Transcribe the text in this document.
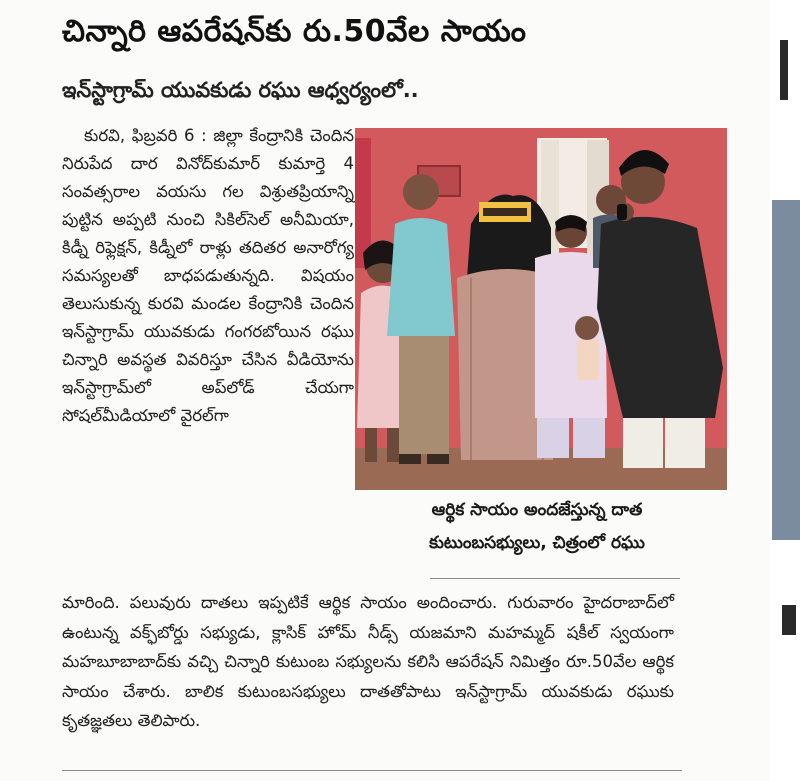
చిన్నారి ఆపరేషన్‌కు రు.50వేల సాయం
ఇన్‌స్టాగ్రామ్‌ యువకుడు రఘు ఆధ్వర్యంలో..

కురవి, ఫిబ్రవరి 6 : జిల్లా కేంద్రానికి చెందిన నిరుపేద దార వినోద్‌కుమార్‌ కుమార్తె 4 సంవత్సరాల వయసు గల విశ్రుతప్రియాన్ని పుట్టిన అప్పటి నుంచి సికిల్‌సెల్‌ అనీమియా, కిడ్నీ రిఫ్లెక్షన్‌, కిడ్నీలో రాళ్లు తదితర అనారోగ్య సమస్యలతో బాధపడుతున్నది. విషయం తెలుసుకున్న కురవి మండల కేంద్రానికి చెందిన ఇన్‌స్టాగ్రామ్‌ యువకుడు గంగరబోయిన రఘు చిన్నారి అవస్థత వివరిస్తూ చేసిన వీడియోను ఇన్‌స్టాగ్రామ్‌లో అప్‌లోడ్‌ చేయగా సోషల్‌మీడియాలో వైరల్‌గా

ఆర్థిక సాయం అందజేస్తున్న దాత
కుటుంబసభ్యులు, చిత్రంలో రఘు

మారింది. పలువురు దాతలు ఇప్పటికే ఆర్థిక సాయం అందించారు. గురువారం హైదరాబాద్‌లో ఉంటున్న వక్ఫ్‌బోర్డు సభ్యుడు, క్లాసిక్‌ హోమ్‌ నీడ్స్‌ యజమాని మహమ్మద్‌ షకీల్‌ స్వయంగా మహబూబాబాద్‌కు వచ్చి చిన్నారి కుటుంబ సభ్యులను కలిసి ఆపరేషన్‌ నిమిత్తం రూ.50వేల ఆర్థిక సాయం చేశారు. బాలిక కుటుంబసభ్యులు దాతతోపాటు ఇన్‌స్టాగ్రామ్‌ యువకుడు రఘుకు కృతజ్ఞతలు తెలిపారు.
